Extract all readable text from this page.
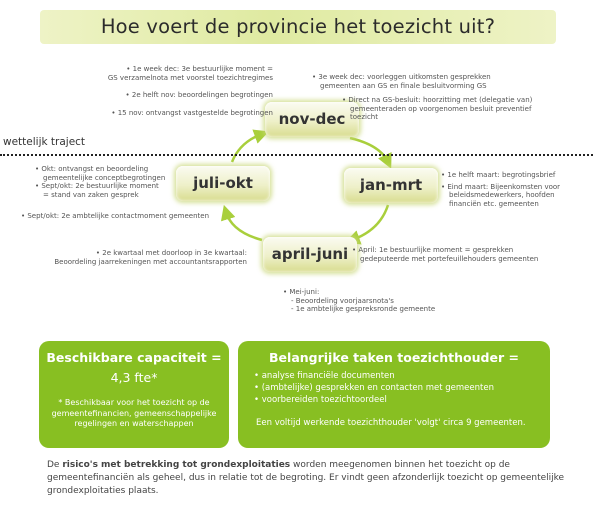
Hoe voert de provincie het toezicht uit?
nov-dec
jan-mrt
april-juni
juli-okt
wettelijk traject
• 1e week dec: 3e bestuurlijke moment =
GS verzamelnota met voorstel toezichtregimes
• 2e helft nov: beoordelingen begrotingen
• 15 nov: ontvangst vastgestelde begrotingen
• 3e week dec: voorleggen uitkomsten gesprekken
gemeenten aan GS en finale besluitvorming GS
• Direct na GS-besluit: hoorzitting met (delegatie van)
gemeenteraden op voorgenomen besluit preventief toezicht
• 1e helft maart: begrotingsbrief
• Eind maart: Bijeenkomsten voor
beleidsmedewerkers, hoofden
financiën etc. gemeenten
• Okt: ontvangst en beoordeling
gemeentelijke conceptbegrotingen
• Sept/okt: 2e bestuurlijke moment
= stand van zaken gesprek
• Sept/okt: 2e ambtelijke contactmoment gemeenten
• 2e kwartaal met doorloop in 3e kwartaal:
Beoordeling jaarrekeningen met accountantsrapporten
• April: 1e bestuurlijke moment = gesprekken
gedeputeerde met portefeuillehouders gemeenten
• Mei-juni:
- Beoordeling voorjaarsnota's
- 1e ambtelijke gespreksronde gemeente
Beschikbare capaciteit =
4,3 fte*
* Beschikbaar voor het toezicht op de gemeentefinancien, gemeenschappelijke regelingen en waterschappen
Belangrijke taken toezichthouder =
• analyse financiële documenten
• (ambtelijke) gesprekken en contacten met gemeenten
• voorbereiden toezichtoordeel
Een voltijd werkende toezichthouder 'volgt' circa 9 gemeenten.
De risico's met betrekking tot grondexploitaties worden meegenomen binnen het toezicht op de gemeentefinanciën als geheel, dus in relatie tot de begroting. Er vindt geen afzonderlijk toezicht op gemeentelijke grondexploitaties plaats.
